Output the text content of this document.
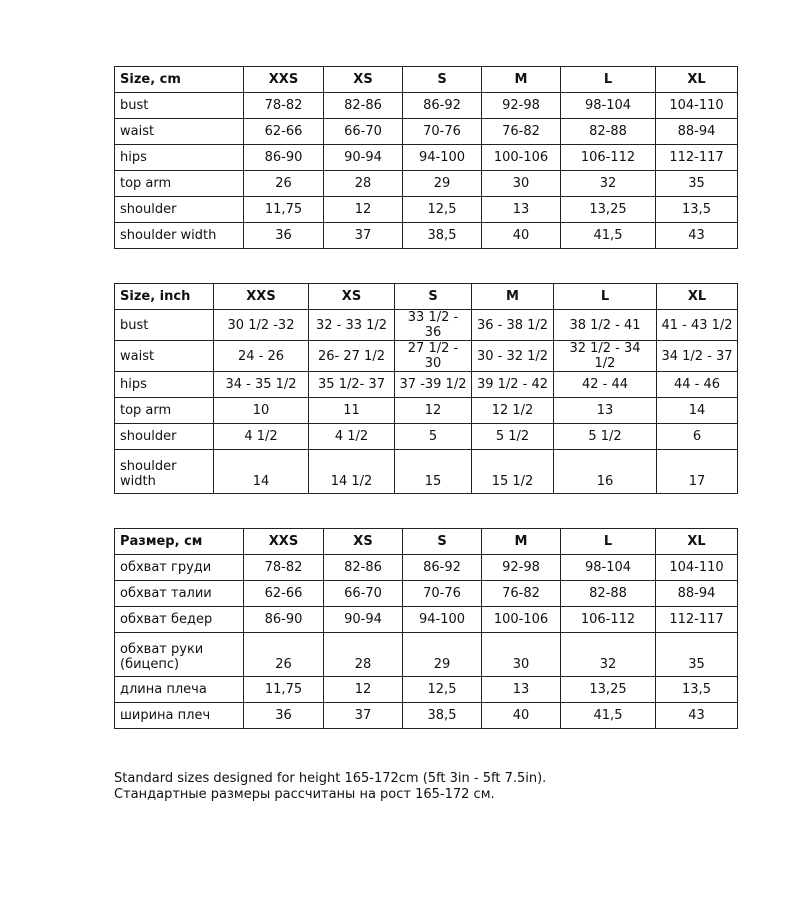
Size, cm	XXS	XS	S	M	L	XL
bust	78-82	82-86	86-92	92-98	98-104	104-110
waist	62-66	66-70	70-76	76-82	82-88	88-94
hips	86-90	90-94	94-100	100-106	106-112	112-117
top arm	26	28	29	30	32	35
shoulder	11,75	12	12,5	13	13,25	13,5
shoulder width	36	37	38,5	40	41,5	43
Size, inch	XXS	XS	S	M	L	XL
bust	30 1/2 -32	32 - 33 1/2	33 1/2 - 36	36 - 38 1/2	38 1/2 - 41	41 - 43 1/2
waist	24 - 26	26- 27 1/2	27 1/2 - 30	30 - 32 1/2	32 1/2 - 34 1/2	34 1/2 - 37
hips	34 - 35 1/2	35 1/2- 37	37 -39 1/2	39 1/2 - 42	42 - 44	44 - 46
top arm	10	11	12	12 1/2	13	14
shoulder	4 1/2	4 1/2	5	5 1/2	5 1/2	6
shoulder
width	14	14 1/2	15	15 1/2	16	17
Размер, см	XXS	XS	S	M	L	XL
обхват груди	78-82	82-86	86-92	92-98	98-104	104-110
обхват талии	62-66	66-70	70-76	76-82	82-88	88-94
обхват бедер	86-90	90-94	94-100	100-106	106-112	112-117
обхват руки
(бицепс)	26	28	29	30	32	35
длина плеча	11,75	12	12,5	13	13,25	13,5
ширина плеч	36	37	38,5	40	41,5	43
Standard sizes designed for height 165-172cm (5ft 3in - 5ft 7.5in).
Стандартные размеры рассчитаны на рост 165-172 см.
